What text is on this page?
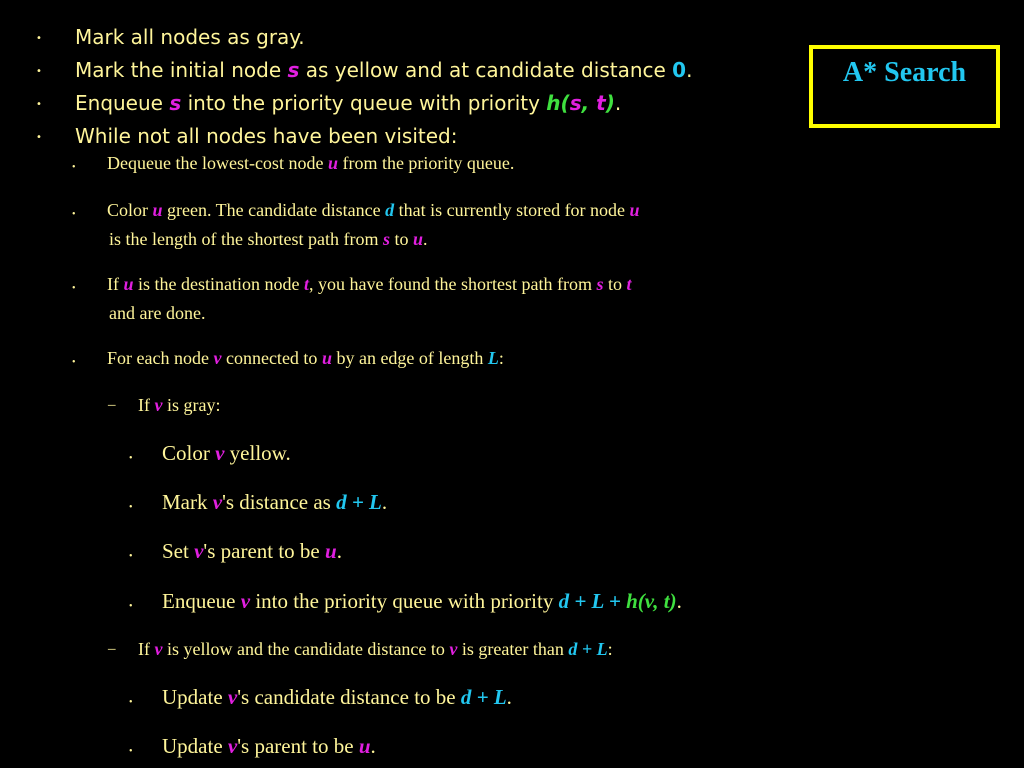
A* Search
• Mark all nodes as gray.
• Mark the initial node s as yellow and at candidate distance 0.
• Enqueue s into the priority queue with priority h(s, t).
• While not all nodes have been visited:
• Dequeue the lowest-cost node u from the priority queue.
• Color u green. The candidate distance d that is currently stored for node u
is the length of the shortest path from s to u.
• If u is the destination node t, you have found the shortest path from s to t
and are done.
• For each node v connected to u by an edge of length L:
– If v is gray:
• Color v yellow.
• Mark v's distance as d + L.
• Set v's parent to be u.
• Enqueue v into the priority queue with priority d + L + h(v, t).
– If v is yellow and the candidate distance to v is greater than d + L:
• Update v's candidate distance to be d + L.
• Update v's parent to be u.
